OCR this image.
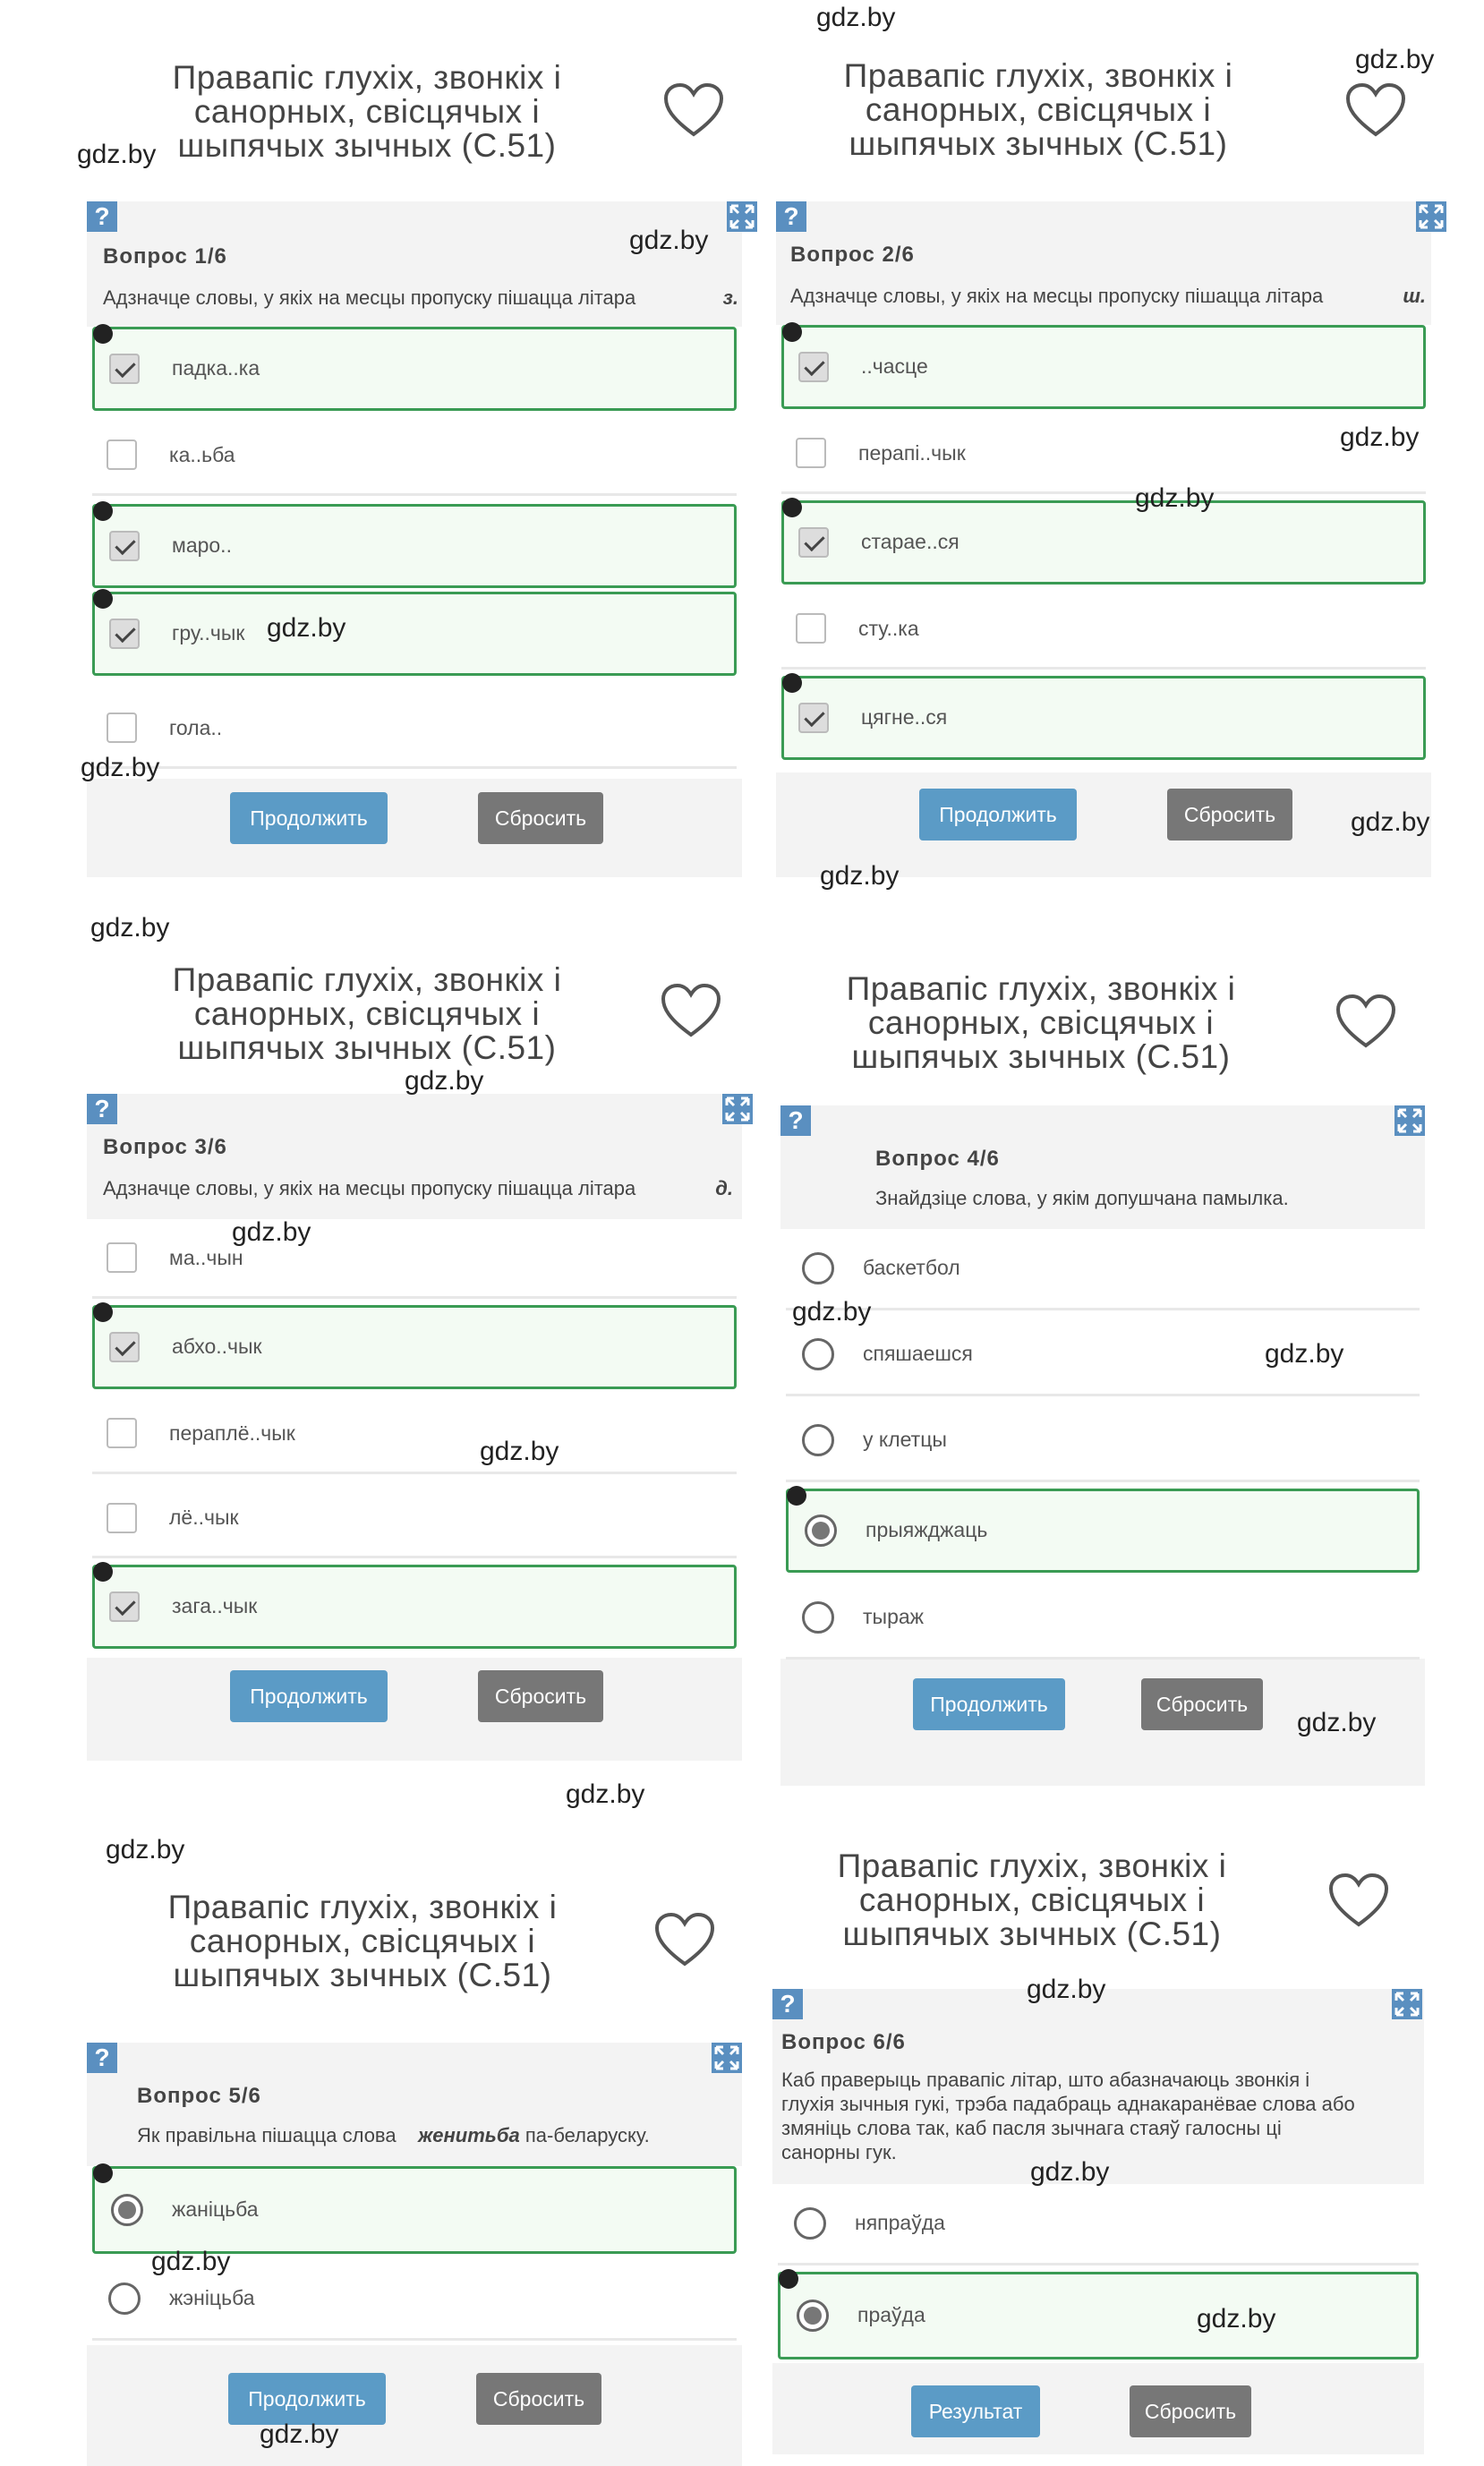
Правапіс глухіх, звонкіх і
санорных, свісцячых і
шыпячых зычных (С.51)
?
Вопрос 1/6
Адзначце словы, у якіх на месцы пропуску пішацца літара	з.
падка..ка
ка..ьба
маро..
гру..чык
гола..
Продолжить	Сбросить
Правапіс глухіх, звонкіх і
санорных, свісцячых і
шыпячых зычных (С.51)
?
Вопрос 2/6
Адзначце словы, у якіх на месцы пропуску пішацца літара	ш.
..часце
перапі..чык
старае..ся
сту..ка
цягне..ся
Продолжить	Сбросить
Правапіс глухіх, звонкіх і
санорных, свісцячых і
шыпячых зычных (С.51)
?
Вопрос 3/6
Адзначце словы, у якіх на месцы пропуску пішацца літара	д.
ма..чын
абхо..чык
пераплё..чык
лё..чык
зага..чык
Продолжить	Сбросить
Правапіс глухіх, звонкіх і
санорных, свісцячых і
шыпячых зычных (С.51)
?
Вопрос 4/6
Знайдзіце слова, у якім допушчана памылка.
баскетбол
спяшаешся
у клетцы
прыяжджаць
тыраж
Продолжить	Сбросить
Правапіс глухіх, звонкіх і
санорных, свісцячых і
шыпячых зычных (С.51)
?
Вопрос 5/6
Як правільна пішацца слова женитьба па-беларуску.
жаніцьба
жэніцьба
Продолжить	Сбросить
Правапіс глухіх, звонкіх і
санорных, свісцячых і
шыпячых зычных (С.51)
?
Вопрос 6/6
Каб праверыць правапіс літар, што абазначаюць звонкія і
глухія зычныя гукі, трэба падабраць аднакаранёвае слова або
змяніць слова так, каб пасля зычнага стаяў галосны ці
санорны гук.
няпраўда
праўда
Результат	Сбросить
gdz.by
gdz.by
gdz.by
gdz.by
gdz.by
gdz.by
gdz.by
gdz.by
gdz.by
gdz.by
gdz.by
gdz.by
gdz.by
gdz.by
gdz.by
gdz.by
gdz.by
gdz.by
gdz.by
gdz.by
gdz.by
gdz.by
gdz.by
gdz.by
